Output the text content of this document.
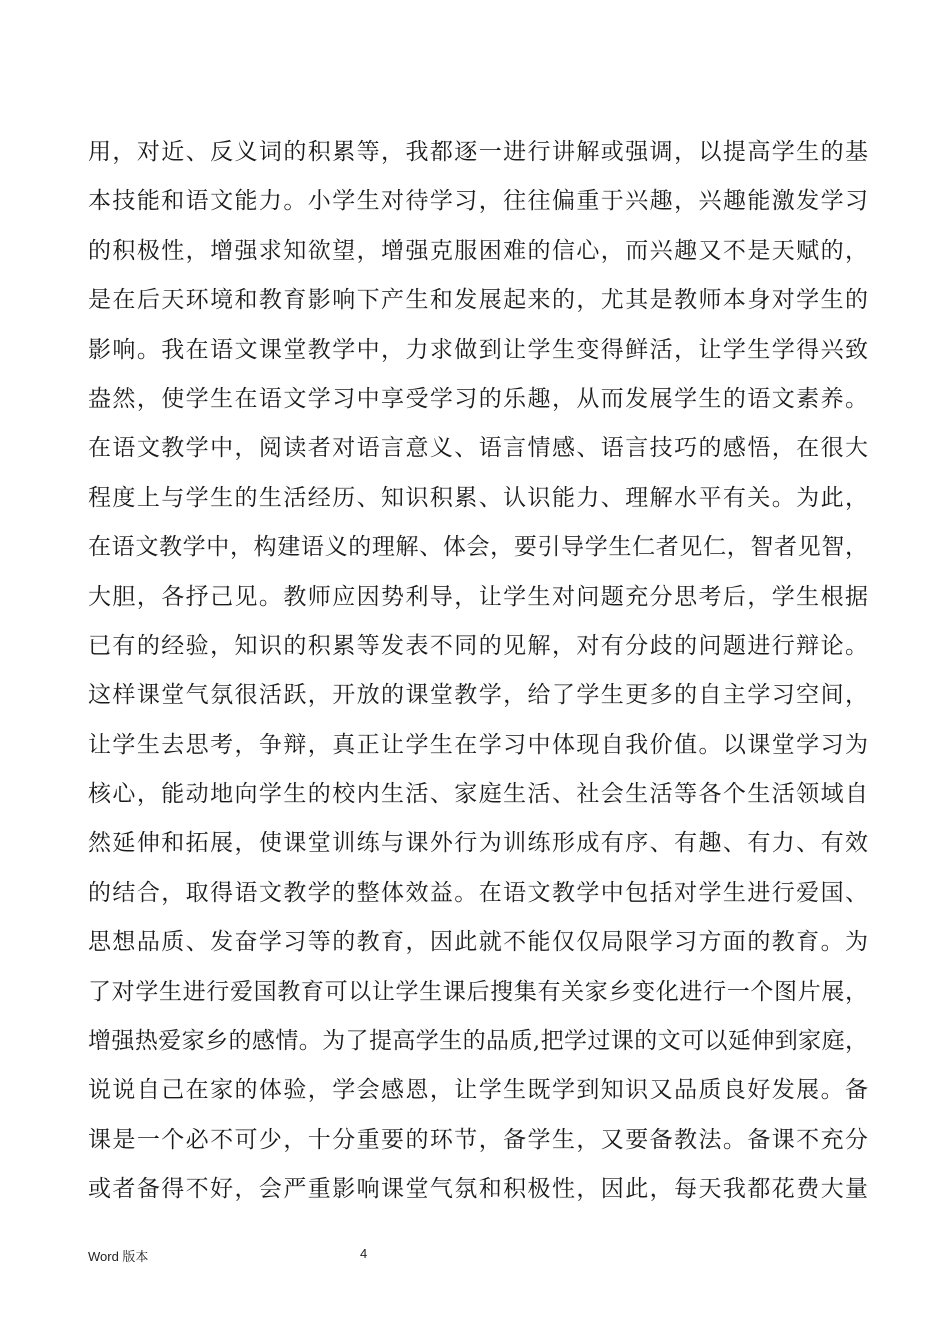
用，对近、反义词的积累等，我都逐一进行讲解或强调，以提高学生的基
本技能和语文能力。小学生对待学习，往往偏重于兴趣，兴趣能激发学习
的积极性，增强求知欲望，增强克服困难的信心，而兴趣又不是天赋的，
是在后天环境和教育影响下产生和发展起来的，尤其是教师本身对学生的
影响。我在语文课堂教学中，力求做到让学生变得鲜活，让学生学得兴致
盎然，使学生在语文学习中享受学习的乐趣，从而发展学生的语文素养。
在语文教学中，阅读者对语言意义、语言情感、语言技巧的感悟，在很大
程度上与学生的生活经历、知识积累、认识能力、理解水平有关。为此，
在语文教学中，构建语义的理解、体会，要引导学生仁者见仁，智者见智，
大胆，各抒己见。教师应因势利导，让学生对问题充分思考后，学生根据
已有的经验，知识的积累等发表不同的见解，对有分歧的问题进行辩论。
这样课堂气氛很活跃，开放的课堂教学，给了学生更多的自主学习空间，
让学生去思考，争辩，真正让学生在学习中体现自我价值。以课堂学习为
核心，能动地向学生的校内生活、家庭生活、社会生活等各个生活领域自
然延伸和拓展，使课堂训练与课外行为训练形成有序、有趣、有力、有效
的结合，取得语文教学的整体效益。在语文教学中包括对学生进行爱国、
思想品质、发奋学习等的教育，因此就不能仅仅局限学习方面的教育。为
了对学生进行爱国教育可以让学生课后搜集有关家乡变化进行一个图片展，
增强热爱家乡的感情。为了提高学生的品质,把学过课的文可以延伸到家庭，
说说自己在家的体验，学会感恩，让学生既学到知识又品质良好发展。备
课是一个必不可少，十分重要的环节，备学生，又要备教法。备课不充分
或者备得不好，会严重影响课堂气氛和积极性，因此，每天我都花费大量
Word 版本	4
